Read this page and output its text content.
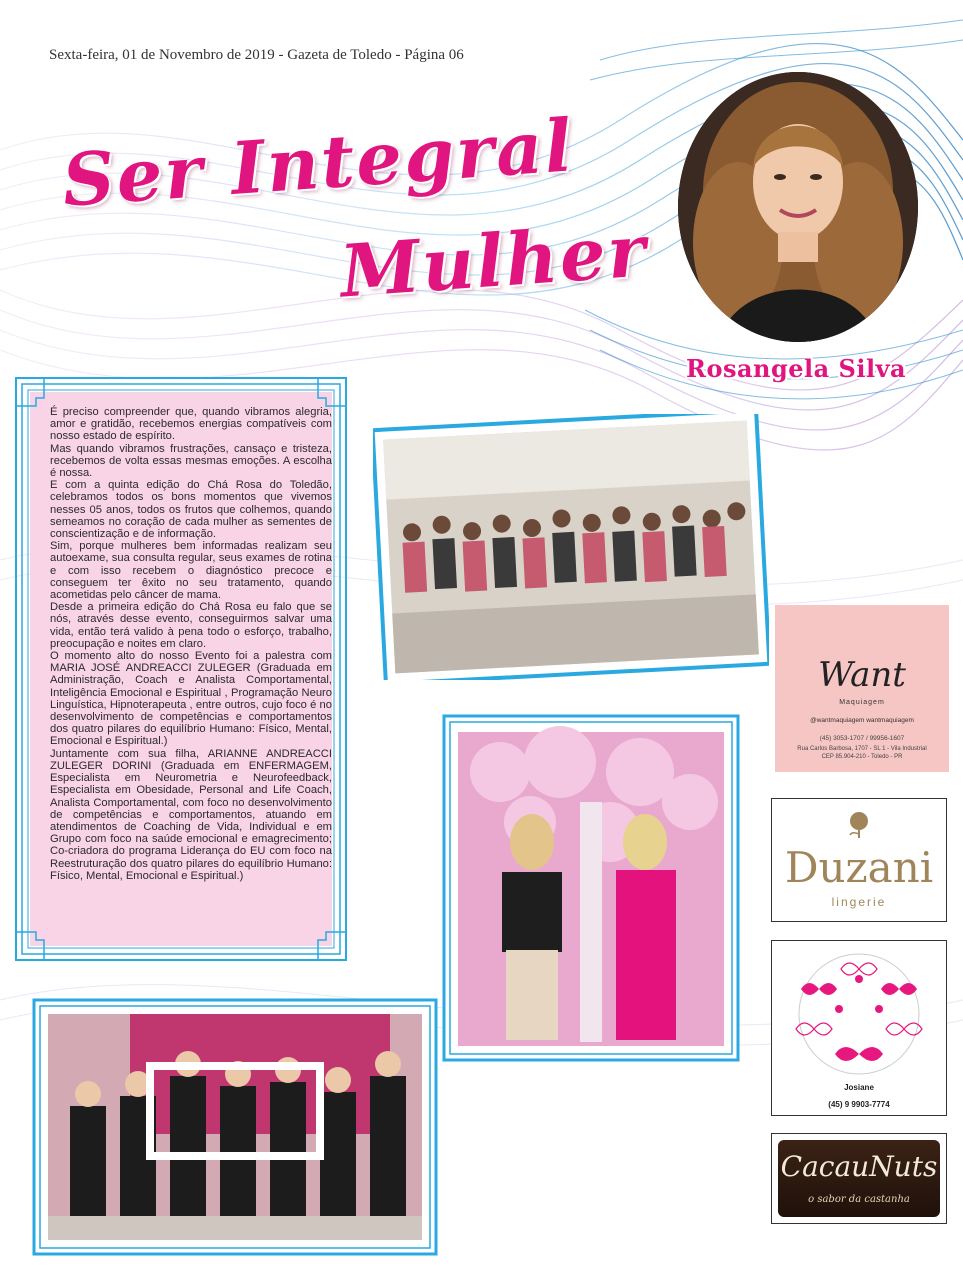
Sexta-feira, 01 de Novembro de 2019 - Gazeta de Toledo - Página 06
Ser Integral
Mulher
Rosangela Silva

É preciso compreender que, quando vibramos alegria, amor e gratidão, recebemos energias compatíveis com nosso estado de espírito.

Mas quando vibramos frustrações, cansaço e tristeza, recebemos de volta essas mesmas emoções. A escolha é nossa.

E com a quinta edição do Chá Rosa do Toledão, celebramos todos os bons momentos que vivemos nesses 05 anos, todos os frutos que colhemos, quando semeamos no coração de cada mulher as sementes de conscientização e de informação.

Sim, porque mulheres bem informadas realizam seu autoexame, sua consulta regular, seus exames de rotina e com isso recebem o diagnóstico precoce e conseguem ter êxito no seu tratamento, quando acometidas pelo câncer de mama.

Desde a primeira edição do Chá Rosa eu falo que se nós, através desse evento, conseguirmos salvar uma vida, então terá valido à pena todo o esforço, trabalho, preocupação e noites em claro.

O momento alto do nosso Evento foi a palestra com MARIA JOSÉ ANDREACCI ZULEGER (Graduada em Administração, Coach e Analista Comportamental, Inteligência Emocional e Espiritual , Programação Neuro Linguística, Hipnoterapeuta , entre outros, cujo foco é no desenvolvimento de competências e comportamentos dos quatro pilares do equilíbrio Humano: Físico, Mental, Emocional e Espiritual.)

Juntamente com sua filha, ARIANNE ANDREACCI ZULEGER DORINI (Graduada em ENFERMAGEM, Especialista em Neurometria e Neurofeedback, Especialista em Obesidade, Personal and Life Coach, Analista Comportamental, com foco no desenvolvimento de competências e comportamentos, atuando em atendimentos de Coaching de Vida, Individual e em Grupo com foco na saúde emocional e emagrecimento; Co-criadora do programa Liderança do EU com foco na Reestruturação dos quatro pilares do equilíbrio Humano: Físico, Mental, Emocional e Espiritual.)

Want
Maquiagem
@wantmaquiagem wantmaquiagem
(45) 3053-1707 / 99956-1607
Rua Carlos Barbosa, 1707 - SL 1 - Vila Industrial
CEP 85.904-210 - Toledo - PR
Duzani
lingerie
Josiane
(45) 9 9903-7774
CacauNuts
o sabor da castanha
